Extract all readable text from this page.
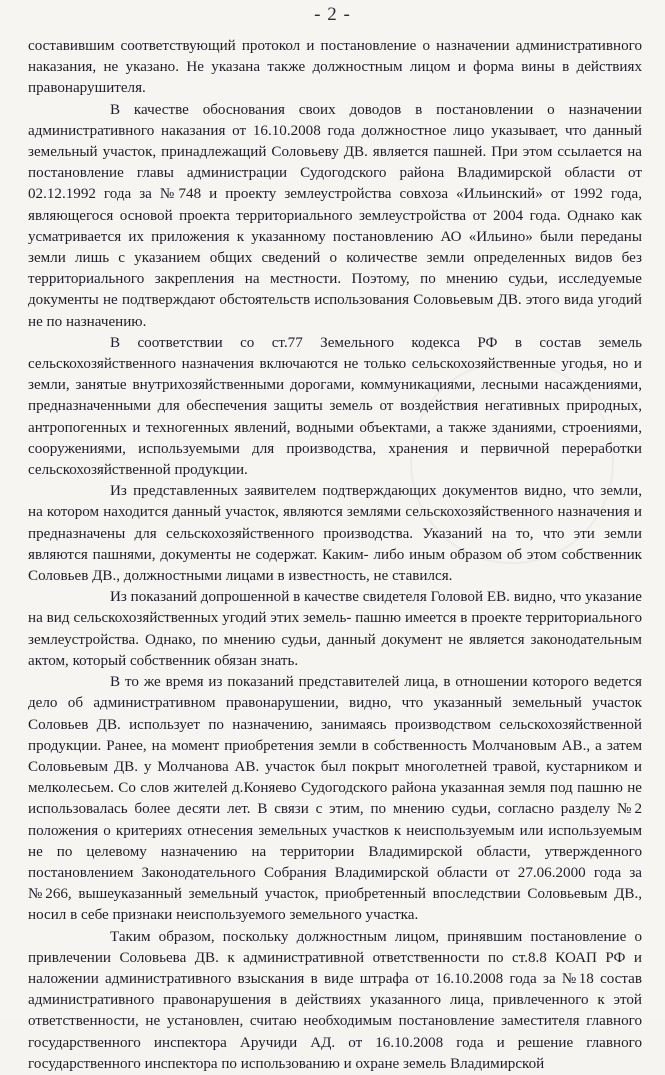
- 2 -

составившим соответствующий протокол и постановление о назначении административного наказания, не указано. Не указана также должностным лицом и форма вины в действиях правонарушителя.

В качестве обоснования своих доводов в постановлении о назначении административного наказания от 16.10.2008 года должностное лицо указывает, что данный земельный участок, принадлежащий Соловьеву ДВ. является пашней. При этом ссылается на постановление главы администрации Судогодского района Владимирской области от 02.12.1992 года за №748 и проекту землеустройства совхоза «Ильинский» от 1992 года, являющегося основой проекта территориального землеустройства от 2004 года. Однако как усматривается их приложения к указанному постановлению АО «Ильино» были переданы земли лишь с указанием общих сведений о количестве земли определенных видов без территориального закрепления на местности. Поэтому, по мнению судьи, исследуемые документы не подтверждают обстоятельств использования Соловьевым ДВ. этого вида угодий не по назначению.

В соответствии со ст.77 Земельного кодекса РФ в состав земель сельскохозяйственного назначения включаются не только сельскохозяйственные угодья, но и земли, занятые внутрихозяйственными дорогами, коммуникациями, лесными насаждениями, предназначенными для обеспечения защиты земель от воздействия негативных природных, антропогенных и техногенных явлений, водными объектами, а также зданиями, строениями, сооружениями, используемыми для производства, хранения и первичной переработки сельскохозяйственной продукции.

Из представленных заявителем подтверждающих документов видно, что земли, на котором находится данный участок, являются землями сельскохозяйственного назначения и предназначены для сельскохозяйственного производства. Указаний на то, что эти земли являются пашнями, документы не содержат. Каким- либо иным образом об этом собственник Соловьев ДВ., должностными лицами в известность, не ставился.

Из показаний допрошенной в качестве свидетеля Головой ЕВ. видно, что указание на вид сельскохозяйственных угодий этих земель- пашню имеется в проекте территориального землеустройства. Однако, по мнению судьи, данный документ не является законодательным актом, который собственник обязан знать.

В то же время из показаний представителей лица, в отношении которого ведется дело об административном правонарушении, видно, что указанный земельный участок Соловьев ДВ. использует по назначению, занимаясь производством сельскохозяйственной продукции. Ранее, на момент приобретения земли в собственность Молчановым АВ., а затем Соловьевым ДВ. у Молчанова АВ. участок был покрыт многолетней травой, кустарником и мелколесьем. Со слов жителей д.Коняево Судогодского района указанная земля под пашню не использовалась более десяти лет. В связи с этим, по мнению судьи, согласно разделу №2 положения о критериях отнесения земельных участков к неиспользуемым или используемым не по целевому назначению на территории Владимирской области, утвержденного постановлением Законодательного Собрания Владимирской области от 27.06.2000 года за №266, вышеуказанный земельный участок, приобретенный впоследствии Соловьевым ДВ., носил в себе признаки неиспользуемого земельного участка.

Таким образом, поскольку должностным лицом, принявшим постановление о привлечении Соловьева ДВ. к административной ответственности по ст.8.8 КОАП РФ и наложении административного взыскания в виде штрафа от 16.10.2008 года за №18 состав административного правонарушения в действиях указанного лица, привлеченного к этой ответственности, не установлен, считаю необходимым постановление заместителя главного государственного инспектора Аручиди АД. от 16.10.2008 года и решение главного государственного инспектора по использованию и охране земель Владимирской
